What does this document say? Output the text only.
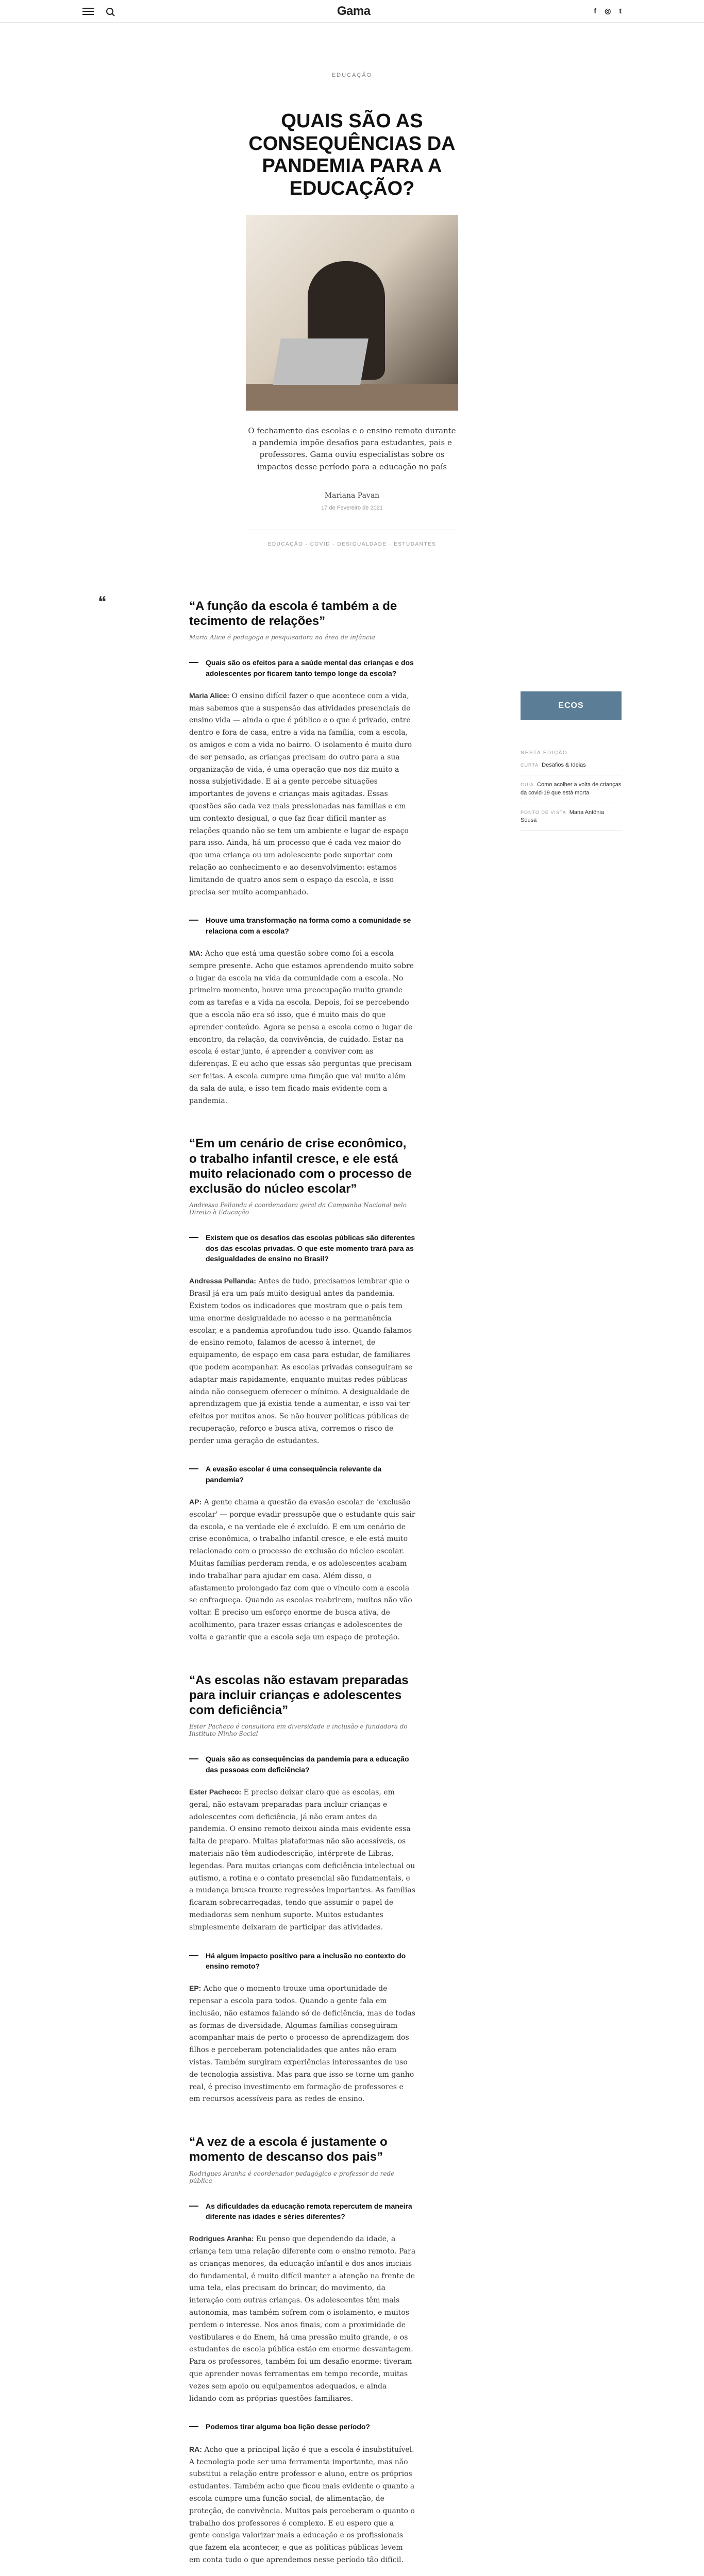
Gama	f ◎ t
EDUCAÇÃO
QUAIS SÃO AS CONSEQUÊNCIAS DA PANDEMIA PARA A EDUCAÇÃO?

O fechamento das escolas e o ensino remoto durante a pandemia impõe desafios para estudantes, pais e professores. Gama ouviu especialistas sobre os impactos desse período para a educação no país

Mariana Pavan
17 de Fevereiro de 2021
EDUCAÇÃO · COVID · DESIGUALDADE · ESTUDANTES
❝	“A função da escola é também a de tecimento de relações”
Maria Alice é pedagoga e pesquisadora na área de infância

Quais são os efeitos para a saúde mental das crianças e dos adolescentes por ficarem tanto tempo longe da escola?

Maria Alice: O ensino difícil fazer o que acontece com a vida, mas sabemos que a suspensão das atividades presenciais de ensino vida — ainda o que é público e o que é privado, entre dentro e fora de casa, entre a vida na família, com a escola, os amigos e com a vida no bairro. O isolamento é muito duro de ser pensado, as crianças precisam do outro para a sua organização de vida, é uma operação que nos diz muito a nossa subjetividade. E ai a gente percebe situações importantes de jovens e crianças mais agitadas. Essas questões são cada vez mais pressionadas nas famílias e em um contexto desigual, o que faz ficar difícil manter as relações quando não se tem um ambiente e lugar de espaço para isso. Ainda, há um processo que é cada vez maior do que uma criança ou um adolescente pode suportar com relação ao conhecimento e ao desenvolvimento: estamos limitando de quatro anos sem o espaço da escola, e isso precisa ser muito acompanhado.

Houve uma transformação na forma como a comunidade se relaciona com a escola?

MA: Acho que está uma questão sobre como foi a escola sempre presente. Acho que estamos aprendendo muito sobre o lugar da escola na vida da comunidade com a escola. No primeiro momento, houve uma preocupação muito grande com as tarefas e a vida na escola. Depois, foi se percebendo que a escola não era só isso, que é muito mais do que aprender conteúdo. Agora se pensa a escola como o lugar de encontro, da relação, da convivência, de cuidado. Estar na escola é estar junto, é aprender a conviver com as diferenças. E eu acho que essas são perguntas que precisam ser feitas. A escola cumpre uma função que vai muito além da sala de aula, e isso tem ficado mais evidente com a pandemia.

“Em um cenário de crise econômico, o trabalho infantil cresce, e ele está muito relacionado com o processo de exclusão do núcleo escolar”
Andressa Pellanda é coordenadora geral da Campanha Nacional pelo Direito à Educação

Existem que os desafios das escolas públicas são diferentes dos das escolas privadas. O que este momento trará para as desigualdades de ensino no Brasil?

Andressa Pellanda: Antes de tudo, precisamos lembrar que o Brasil já era um país muito desigual antes da pandemia. Existem todos os indicadores que mostram que o país tem uma enorme desigualdade no acesso e na permanência escolar, e a pandemia aprofundou tudo isso. Quando falamos de ensino remoto, falamos de acesso à internet, de equipamento, de espaço em casa para estudar, de familiares que podem acompanhar. As escolas privadas conseguiram se adaptar mais rapidamente, enquanto muitas redes públicas ainda não conseguem oferecer o mínimo. A desigualdade de aprendizagem que já existia tende a aumentar, e isso vai ter efeitos por muitos anos. Se não houver políticas públicas de recuperação, reforço e busca ativa, corremos o risco de perder uma geração de estudantes.

A evasão escolar é uma consequência relevante da pandemia?

AP: A gente chama a questão da evasão escolar de 'exclusão escolar' — porque evadir pressupõe que o estudante quis sair da escola, e na verdade ele é excluído. E em um cenário de crise econômica, o trabalho infantil cresce, e ele está muito relacionado com o processo de exclusão do núcleo escolar. Muitas famílias perderam renda, e os adolescentes acabam indo trabalhar para ajudar em casa. Além disso, o afastamento prolongado faz com que o vínculo com a escola se enfraqueça. Quando as escolas reabrirem, muitos não vão voltar. É preciso um esforço enorme de busca ativa, de acolhimento, para trazer essas crianças e adolescentes de volta e garantir que a escola seja um espaço de proteção.

“As escolas não estavam preparadas para incluir crianças e adolescentes com deficiência”
Ester Pacheco é consultora em diversidade e inclusão e fundadora do Instituto Ninho Social

Quais são as consequências da pandemia para a educação das pessoas com deficiência?

Ester Pacheco: É preciso deixar claro que as escolas, em geral, não estavam preparadas para incluir crianças e adolescentes com deficiência, já não eram antes da pandemia. O ensino remoto deixou ainda mais evidente essa falta de preparo. Muitas plataformas não são acessíveis, os materiais não têm audiodescrição, intérprete de Libras, legendas. Para muitas crianças com deficiência intelectual ou autismo, a rotina e o contato presencial são fundamentais, e a mudança brusca trouxe regressões importantes. As famílias ficaram sobrecarregadas, tendo que assumir o papel de mediadoras sem nenhum suporte. Muitos estudantes simplesmente deixaram de participar das atividades.

Há algum impacto positivo para a inclusão no contexto do ensino remoto?

EP: Acho que o momento trouxe uma oportunidade de repensar a escola para todos. Quando a gente fala em inclusão, não estamos falando só de deficiência, mas de todas as formas de diversidade. Algumas famílias conseguiram acompanhar mais de perto o processo de aprendizagem dos filhos e perceberam potencialidades que antes não eram vistas. Também surgiram experiências interessantes de uso de tecnologia assistiva. Mas para que isso se torne um ganho real, é preciso investimento em formação de professores e em recursos acessíveis para as redes de ensino.

“A vez de a escola é justamente o momento de descanso dos pais”
Rodrigues Aranha é coordenador pedagógico e professor da rede pública

As dificuldades da educação remota repercutem de maneira diferente nas idades e séries diferentes?

Rodrigues Aranha: Eu penso que dependendo da idade, a criança tem uma relação diferente com o ensino remoto. Para as crianças menores, da educação infantil e dos anos iniciais do fundamental, é muito difícil manter a atenção na frente de uma tela, elas precisam do brincar, do movimento, da interação com outras crianças. Os adolescentes têm mais autonomia, mas também sofrem com o isolamento, e muitos perdem o interesse. Nos anos finais, com a proximidade de vestibulares e do Enem, há uma pressão muito grande, e os estudantes de escola pública estão em enorme desvantagem. Para os professores, também foi um desafio enorme: tiveram que aprender novas ferramentas em tempo recorde, muitas vezes sem apoio ou equipamentos adequados, e ainda lidando com as próprias questões familiares.

Podemos tirar alguma boa lição desse período?

RA: Acho que a principal lição é que a escola é insubstituível. A tecnologia pode ser uma ferramenta importante, mas não substitui a relação entre professor e aluno, entre os próprios estudantes. Também acho que ficou mais evidente o quanto a escola cumpre uma função social, de alimentação, de proteção, de convivência. Muitos pais perceberam o quanto o trabalho dos professores é complexo. E eu espero que a gente consiga valorizar mais a educação e os profissionais que fazem ela acontecer, e que as políticas públicas levem em conta tudo o que aprendemos nesse período tão difícil.

ECOS
NESTA EDIÇÃO
CURTA Desafios & Ideias
GUIA Como acolher a volta de crianças da covid-19 que está morta
PONTO DE VISTA Maria Antônia Sousa
